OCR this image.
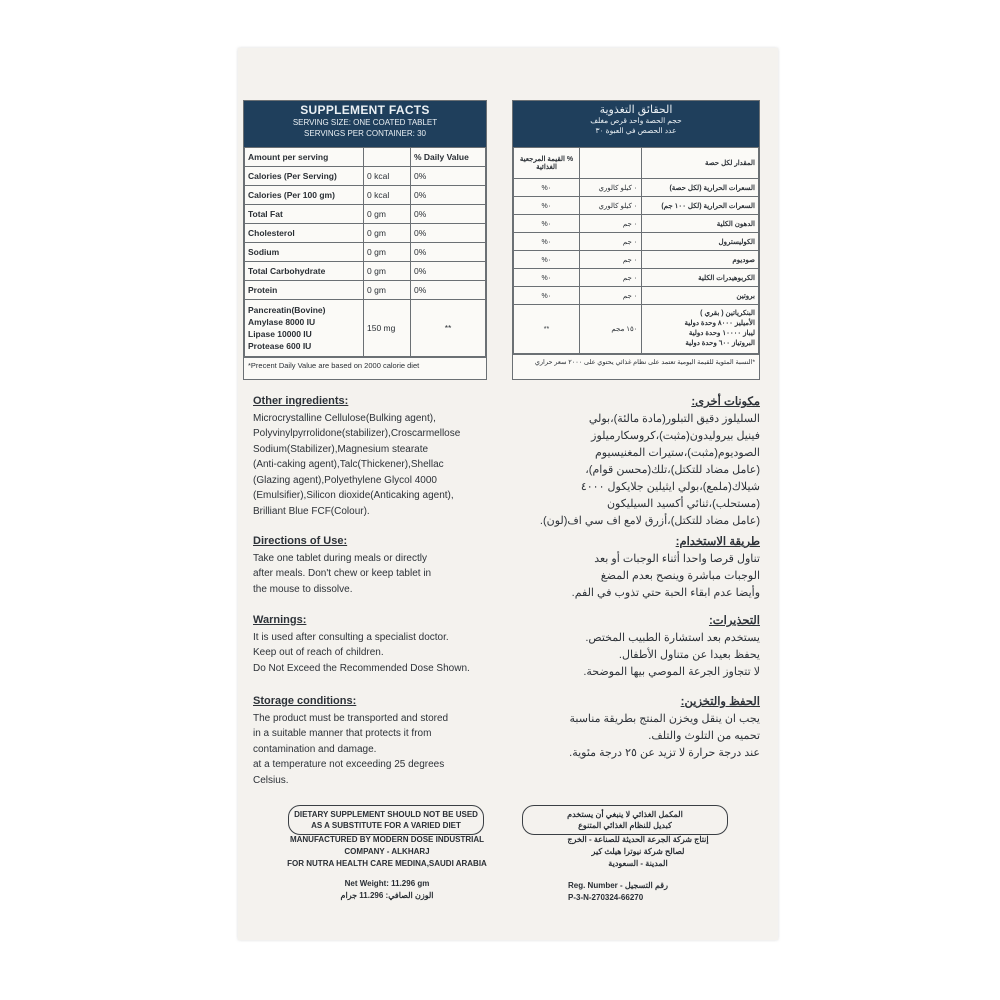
SUPPLEMENT FACTS
SERVING SIZE: ONE COATED TABLET
SERVINGS PER CONTAINER: 30
Amount per serving		% Daily Value
Calories (Per Serving)	0 kcal	0%
Calories (Per 100 gm)	0 kcal	0%
Total Fat	0 gm	0%
Cholesterol	0 gm	0%
Sodium	0 gm	0%
Total Carbohydrate	0 gm	0%
Protein	0 gm	0%

Pancreatin(Bovine)
Amylase 8000 IU
Lipase 10000 IU
Protease 600 IU	150 mg	**
*Precent Daily Value are based on 2000 calorie diet
الحقائق التغذوية
حجم الحصة واحد قرص مغلف
عدد الحصص في العبوة ٣٠
المقدار لكل حصة		% القيمة المرجعية الغذائية
السعرات الحرارية (لكل حصة)	٠ كيلو كالوري	٠%
السعرات الحرارية (لكل ١٠٠ جم)	٠ كيلو كالوري	٠%
الدهون الكلية	٠ جم	٠%
الكوليسترول	٠ جم	٠%
صوديوم	٠ جم	٠%
الكربوهيدرات الكلية	٠ جم	٠%
بروتين	٠ جم	٠%

البنكرياتين ( بقري )
الأميليز ٨٠٠٠ وحدة دولية
ليباز ١٠٠٠٠ وحدة دولية
البروتياز ٦٠٠ وحدة دولية	١٥٠ مجم	**
*النسبة المئوية للقيمة اليومية تعتمد على نظام غذائي يحتوي على ٢٠٠٠ سعر حراري
Other ingredients:
Microcrystalline Cellulose(Bulking agent),
Polyvinylpyrrolidone(stabilizer),Croscarmellose
Sodium(Stabilizer),Magnesium stearate
(Anti-caking agent),Talc(Thickener),Shellac
(Glazing agent),Polyethylene Glycol 4000
(Emulsifier),Silicon dioxide(Anticaking agent),
Brilliant Blue FCF(Colour).
مكونات أخرى:
السليلوز دقيق التبلور(مادة مالئة)،بولي
فينيل بيروليدون(مثبت)،كروسكارميلوز
الصوديوم(مثبت)،ستيرات المغنيسيوم
(عامل مضاد للتكتل)،تلك(محسن قوام)،
شيلاك(ملمع)،بولي ايثيلين جلايكول ٤٠٠٠
(مستحلب)،ثنائي أكسيد السيليكون
(عامل مضاد للتكتل)،أزرق لامع اف سي اف(لون).
Directions of Use:
Take one tablet during meals or directly
after meals. Don't chew or keep tablet in
the mouse to dissolve.
طريقة الاستخدام:
تناول قرصا واحدا أثناء الوجبات أو بعد
الوجبات مباشرة وينصح بعدم المضغ
وأيضا عدم ابقاء الحبة حتي تذوب في الفم.
Warnings:
It is used after consulting a specialist doctor.
Keep out of reach of children.
Do Not Exceed the Recommended Dose Shown.
التحذيرات:
يستخدم بعد استشارة الطبيب المختص.
يحفظ بعيدا عن متناول الأطفال.
لا تتجاوز الجرعة الموصي بيها الموضحة.
Storage conditions:
The product must be transported and stored
in a suitable manner that protects it from
contamination and damage.
at a temperature not exceeding 25 degrees
Celsius.
الحفظ والتخزين:
يجب ان ينقل ويخزن المنتج بطريقة مناسبة
تحميه من التلوث والتلف.
عند درجة حرارة لا تزيد عن ٢٥ درجة مئوية.
DIETARY SUPPLEMENT SHOULD NOT BE USED
AS A SUBSTITUTE FOR A VARIED DIET
MANUFACTURED BY MODERN DOSE INDUSTRIAL
COMPANY - ALKHARJ
FOR NUTRA HEALTH CARE MEDINA,SAUDI ARABIA
Net Weight: 11.296 gm
الوزن الصافي: 11.296 جرام
المكمل الغذائي لا ينبغي أن يستخدم
كبديل للنظام الغذائي المتنوع
إنتاج شركة الجرعة الحديثة للصناعة - الخرج
لصالح شركة نيوترا هيلث كير
المدينة - السعودية
Reg. Number - رقم التسجيل
P-3-N-270324-66270
